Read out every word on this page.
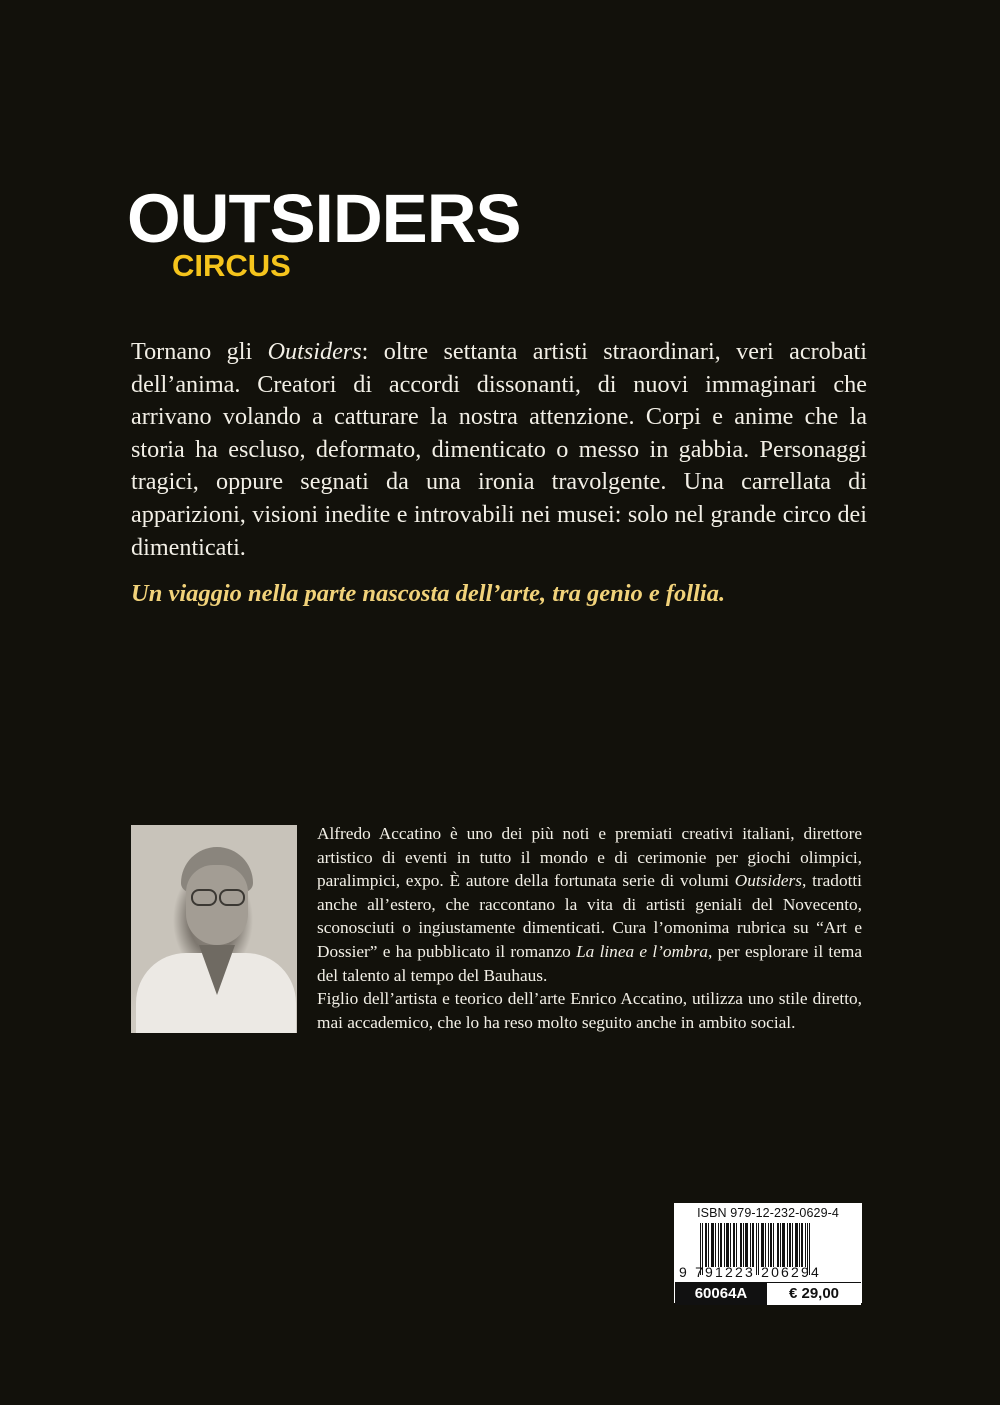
OUTSIDERS
CIRCUS

Tornano gli Outsiders: oltre settanta artisti straordinari, veri acrobati dell’anima. Creatori di accordi dissonanti, di nuovi immaginari che arrivano volando a catturare la nostra attenzione. Corpi e anime che la storia ha escluso, deformato, dimenticato o messo in gabbia. Personaggi tragici, oppure segnati da una ironia travolgente. Una carrellata di apparizioni, visioni inedite e introvabili nei musei: solo nel grande circo dei dimenticati.

Un viaggio nella parte nascosta dell’arte, tra genio e follia.

Alfredo Accatino è uno dei più noti e premiati creativi italiani, direttore artistico di eventi in tutto il mondo e di cerimonie per giochi olimpici, paralimpici, expo. È autore della fortunata serie di volumi Outsiders, tradotti anche all’estero, che raccontano la vita di artisti geniali del Novecento, sconosciuti o ingiustamente dimenticati. Cura l’omonima rubrica su “Art e Dossier” e ha pubblicato il romanzo La linea e l’ombra, per esplorare il tema del talento al tempo del Bauhaus.

Figlio dell’artista e teorico dell’arte Enrico Accatino, utilizza uno stile diretto, mai accademico, che lo ha reso molto seguito anche in ambito social.

ISBN 979-12-232-0629-4
9 791223 206294
60064A	€ 29,00
